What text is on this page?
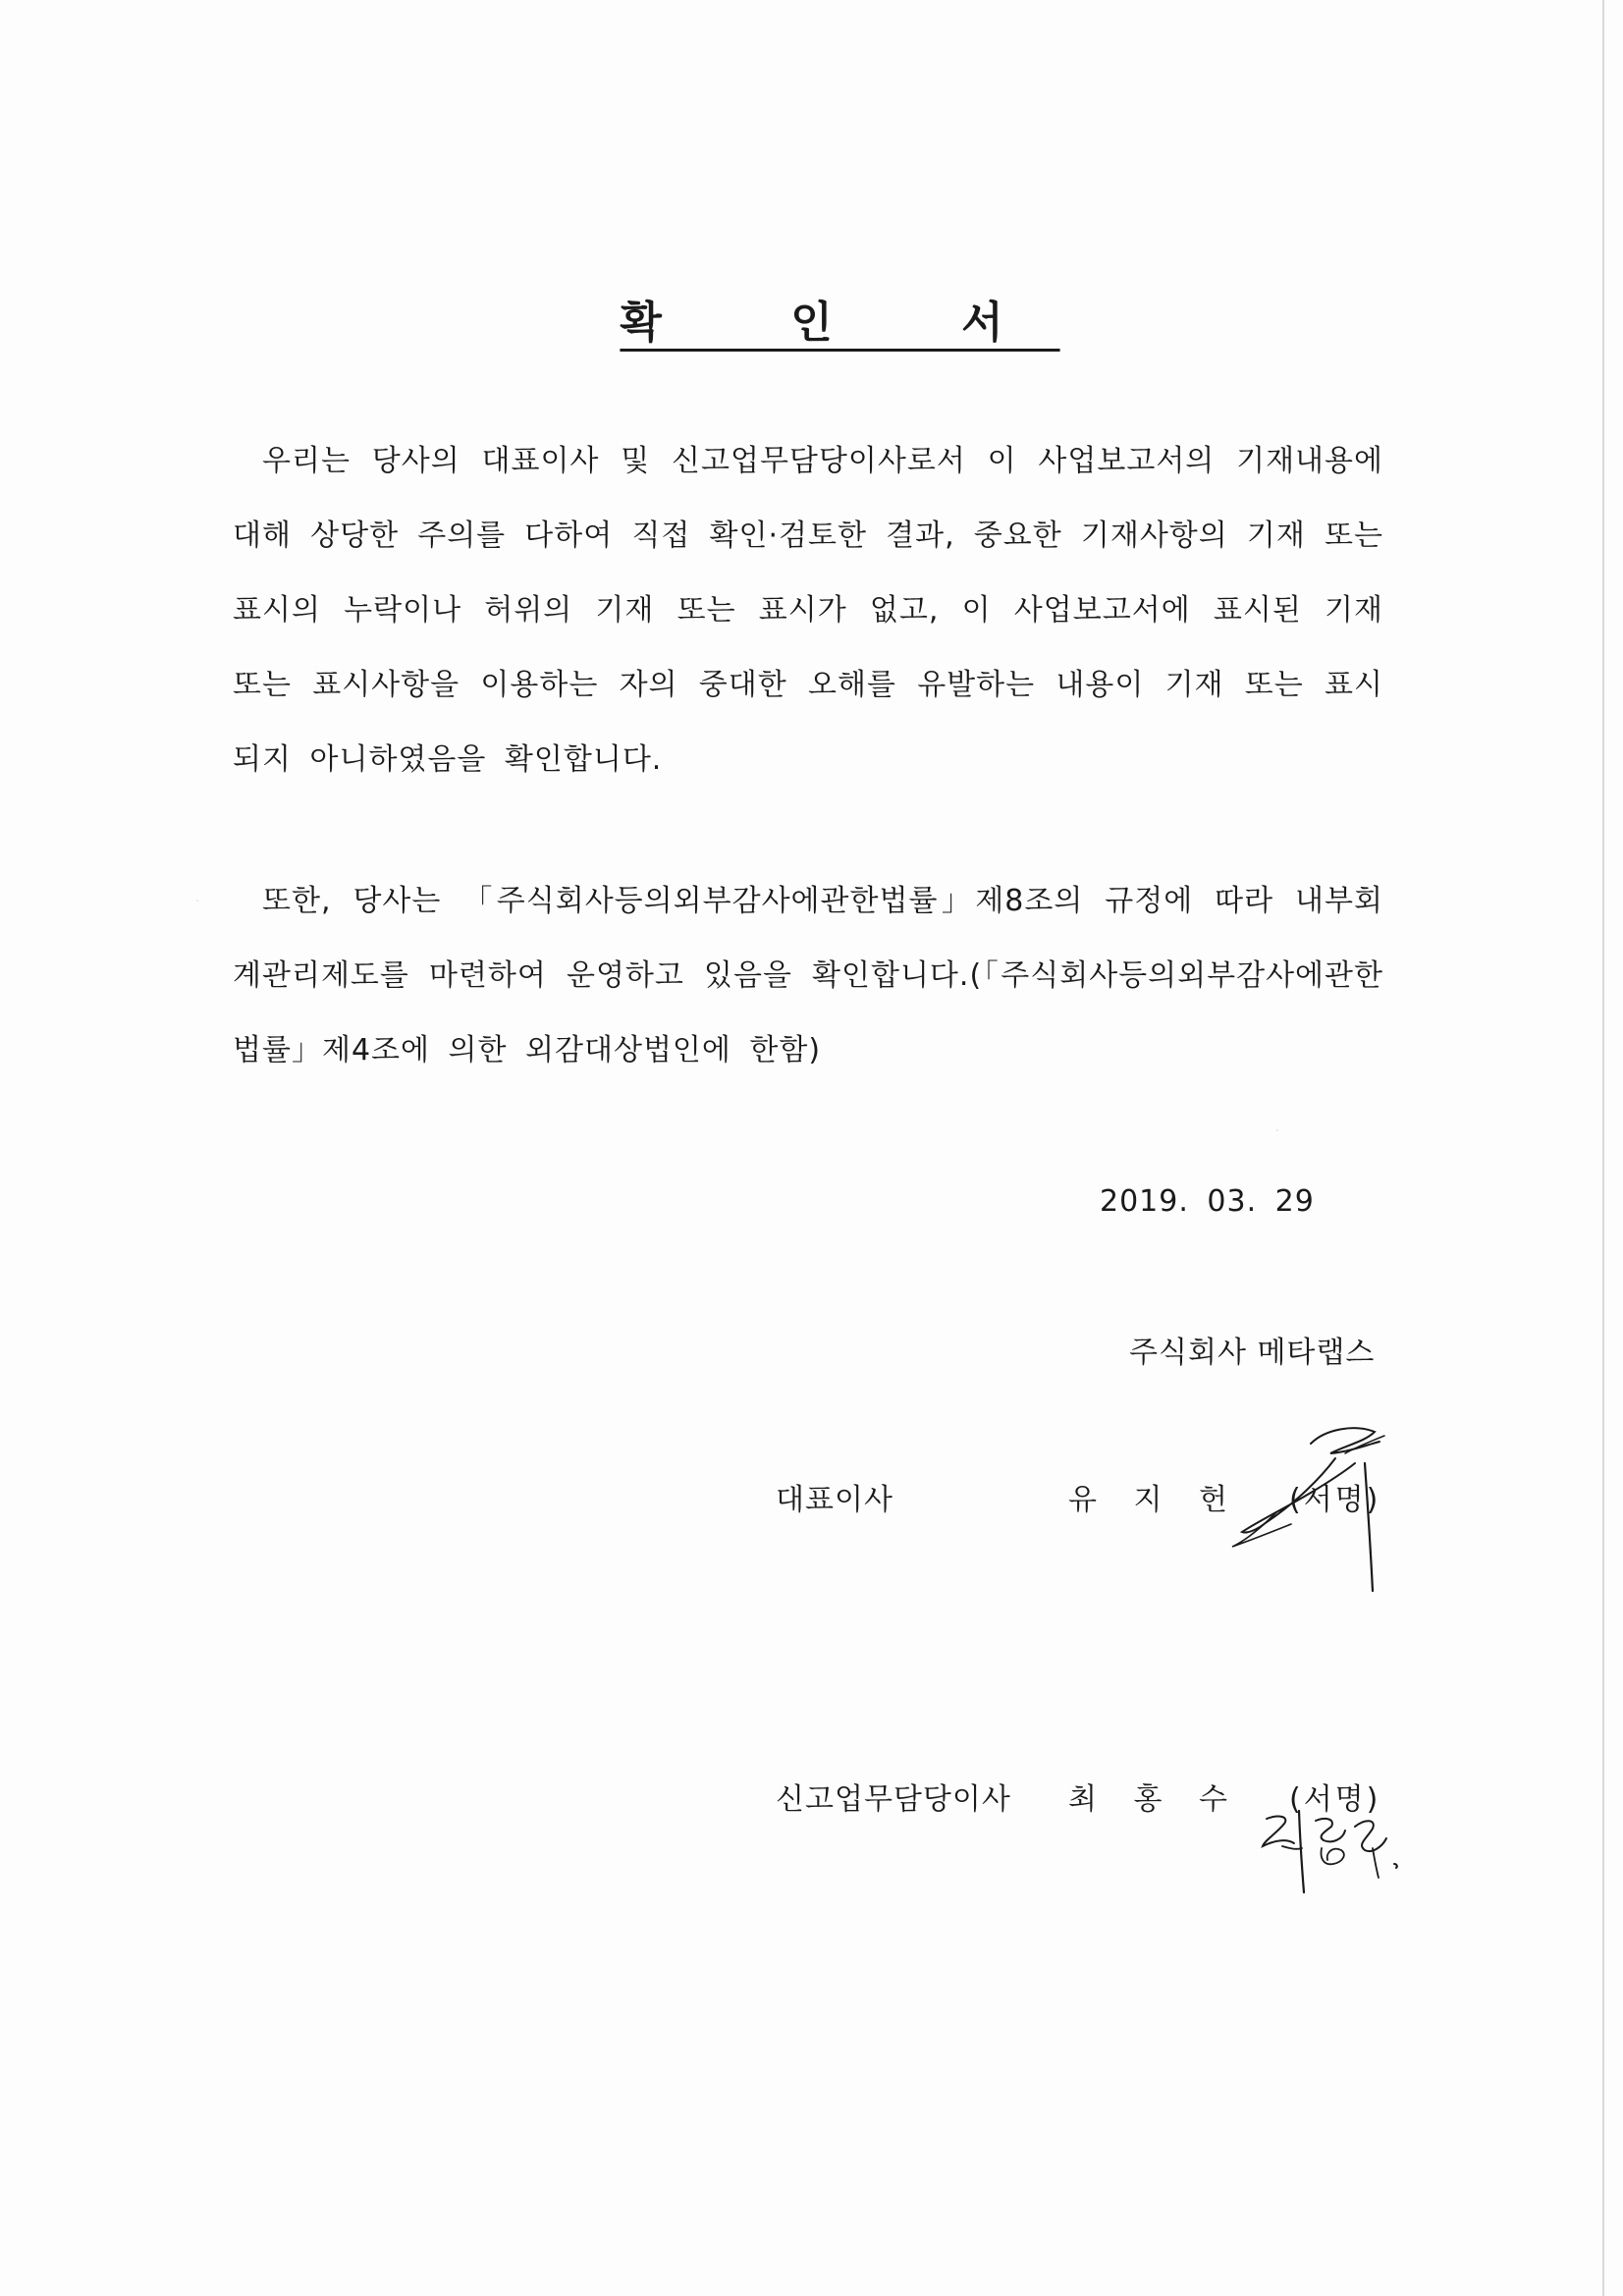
확 인 서
우리는 당사의 대표이사 및 신고업무담당이사로서 이 사업보고서의 기재내용에 대해 상당한 주의를 다하여 직접 확인·검토한 결과, 중요한 기재사항의 기재 또는 표시의 누락이나 허위의 기재 또는 표시가 없고, 이 사업보고서에 표시된 기재 또는 표시사항을 이용하는 자의 중대한 오해를 유발하는 내용이 기재 또는 표시되지 아니하였음을 확인합니다.
또한, 당사는 「주식회사등의외부감사에관한법률」제8조의 규정에 따라 내부회계관리제도를 마련하여 운영하고 있음을 확인합니다.(「주식회사등의외부감사에관한법률」제4조에 의한 외감대상법인에 한함)
2019. 03. 29
주식회사 메타랩스
대표이사	유 지 헌 (서명)
신고업무담당이사 최 홍 수 (서명)
